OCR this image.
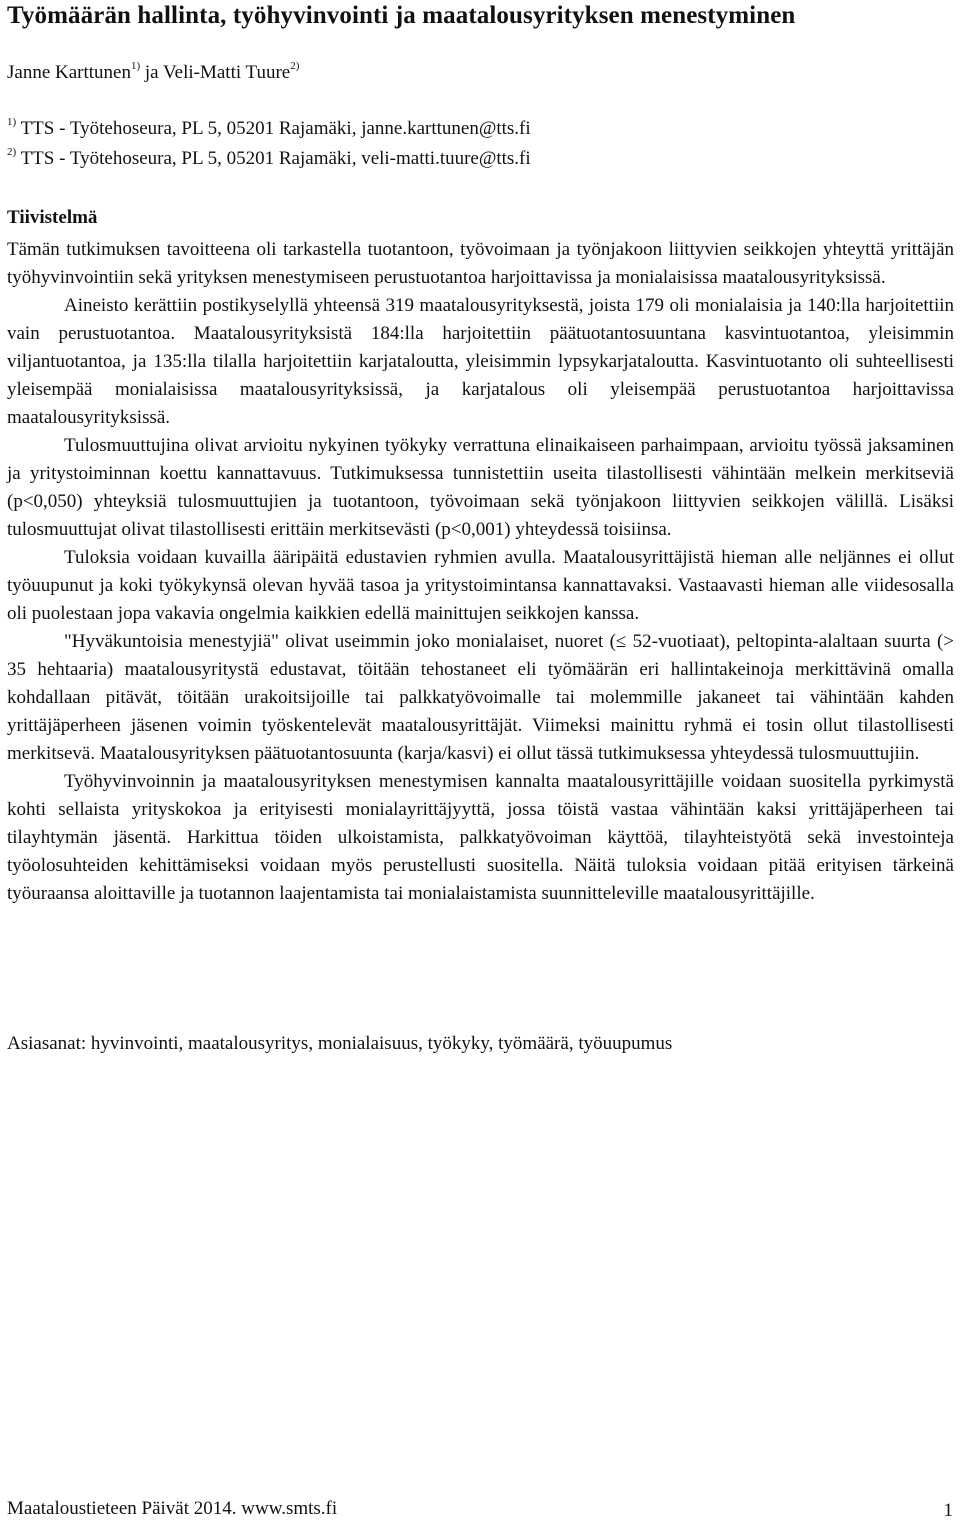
Työmäärän hallinta, työhyvinvointi ja maatalousyrityksen menestyminen
Janne Karttunen$^{1)}$ ja Veli-Matti Tuure$^{2)}$
$^{1)}$ TTS - Työtehoseura, PL 5, 05201 Rajamäki, janne.karttunen@tts.fi
$^{2)}$ TTS - Työtehoseura, PL 5, 05201 Rajamäki, veli-matti.tuure@tts.fi
Tiivistelmä

Tämän tutkimuksen tavoitteena oli tarkastella tuotantoon, työvoimaan ja työnjakoon liittyvien seikkojen yhteyttä yrittäjän työhyvinvointiin sekä yrityksen menestymiseen perustuotantoa harjoittavissa ja monialaisissa maatalousyrityksissä.

Aineisto kerättiin postikyselyllä yhteensä 319 maatalousyrityksestä, joista 179 oli monialaisia ja 140:lla harjoitettiin vain perustuotantoa. Maatalousyrityksistä 184:lla harjoitettiin päätuotantosuuntana kasvintuotantoa, yleisimmin viljantuotantoa, ja 135:lla tilalla harjoitettiin karjataloutta, yleisimmin lypsykarjataloutta. Kasvintuotanto oli suhteellisesti yleisempää monialaisissa maatalousyrityksissä, ja karjatalous oli yleisempää perustuotantoa harjoittavissa maatalousyrityksissä.

Tulosmuuttujina olivat arvioitu nykyinen työkyky verrattuna elinaikaiseen parhaimpaan, arvioitu työssä jaksaminen ja yritystoiminnan koettu kannattavuus. Tutkimuksessa tunnistettiin useita tilastollisesti vähintään melkein merkitseviä (p<0,050) yhteyksiä tulosmuuttujien ja tuotantoon, työvoimaan sekä työnjakoon liittyvien seikkojen välillä. Lisäksi tulosmuuttujat olivat tilastollisesti erittäin merkitsevästi (p<0,001) yhteydessä toisiinsa.

Tuloksia voidaan kuvailla ääripäitä edustavien ryhmien avulla. Maatalousyrittäjistä hieman alle neljännes ei ollut työuupunut ja koki työkykynsä olevan hyvää tasoa ja yritystoimintansa kannattavaksi. Vastaavasti hieman alle viidesosalla oli puolestaan jopa vakavia ongelmia kaikkien edellä mainittujen seikkojen kanssa.

"Hyväkuntoisia menestyjiä" olivat useimmin joko monialaiset, nuoret (≤ 52-vuotiaat), peltopinta-alaltaan suurta (> 35 hehtaaria) maatalousyritystä edustavat, töitään tehostaneet eli työmäärän eri hallintakeinoja merkittävinä omalla kohdallaan pitävät, töitään urakoitsijoille tai palkkatyövoimalle tai molemmille jakaneet tai vähintään kahden yrittäjäperheen jäsenen voimin työskentelevät maatalousyrittäjät. Viimeksi mainittu ryhmä ei tosin ollut tilastollisesti merkitsevä. Maatalousyrityksen päätuotantosuunta (karja/kasvi) ei ollut tässä tutkimuksessa yhteydessä tulosmuuttujiin.

Työhyvinvoinnin ja maatalousyrityksen menestymisen kannalta maatalousyrittäjille voidaan suositella pyrkimystä kohti sellaista yrityskokoa ja erityisesti monialayrittäjyyttä, jossa töistä vastaa vähintään kaksi yrittäjäperheen tai tilayhtymän jäsentä. Harkittua töiden ulkoistamista, palkkatyövoiman käyttöä, tilayhteistyötä sekä investointeja työolosuhteiden kehittämiseksi voidaan myös perustellusti suositella. Näitä tuloksia voidaan pitää erityisen tärkeinä työuraansa aloittaville ja tuotannon laajentamista tai monialaistamista suunnitteleville maatalousyrittäjille.

Asiasanat: hyvinvointi, maatalousyritys, monialaisuus, työkyky, työmäärä, työuupumus
Maataloustieteen Päivät 2014. www.smts.fi	1
